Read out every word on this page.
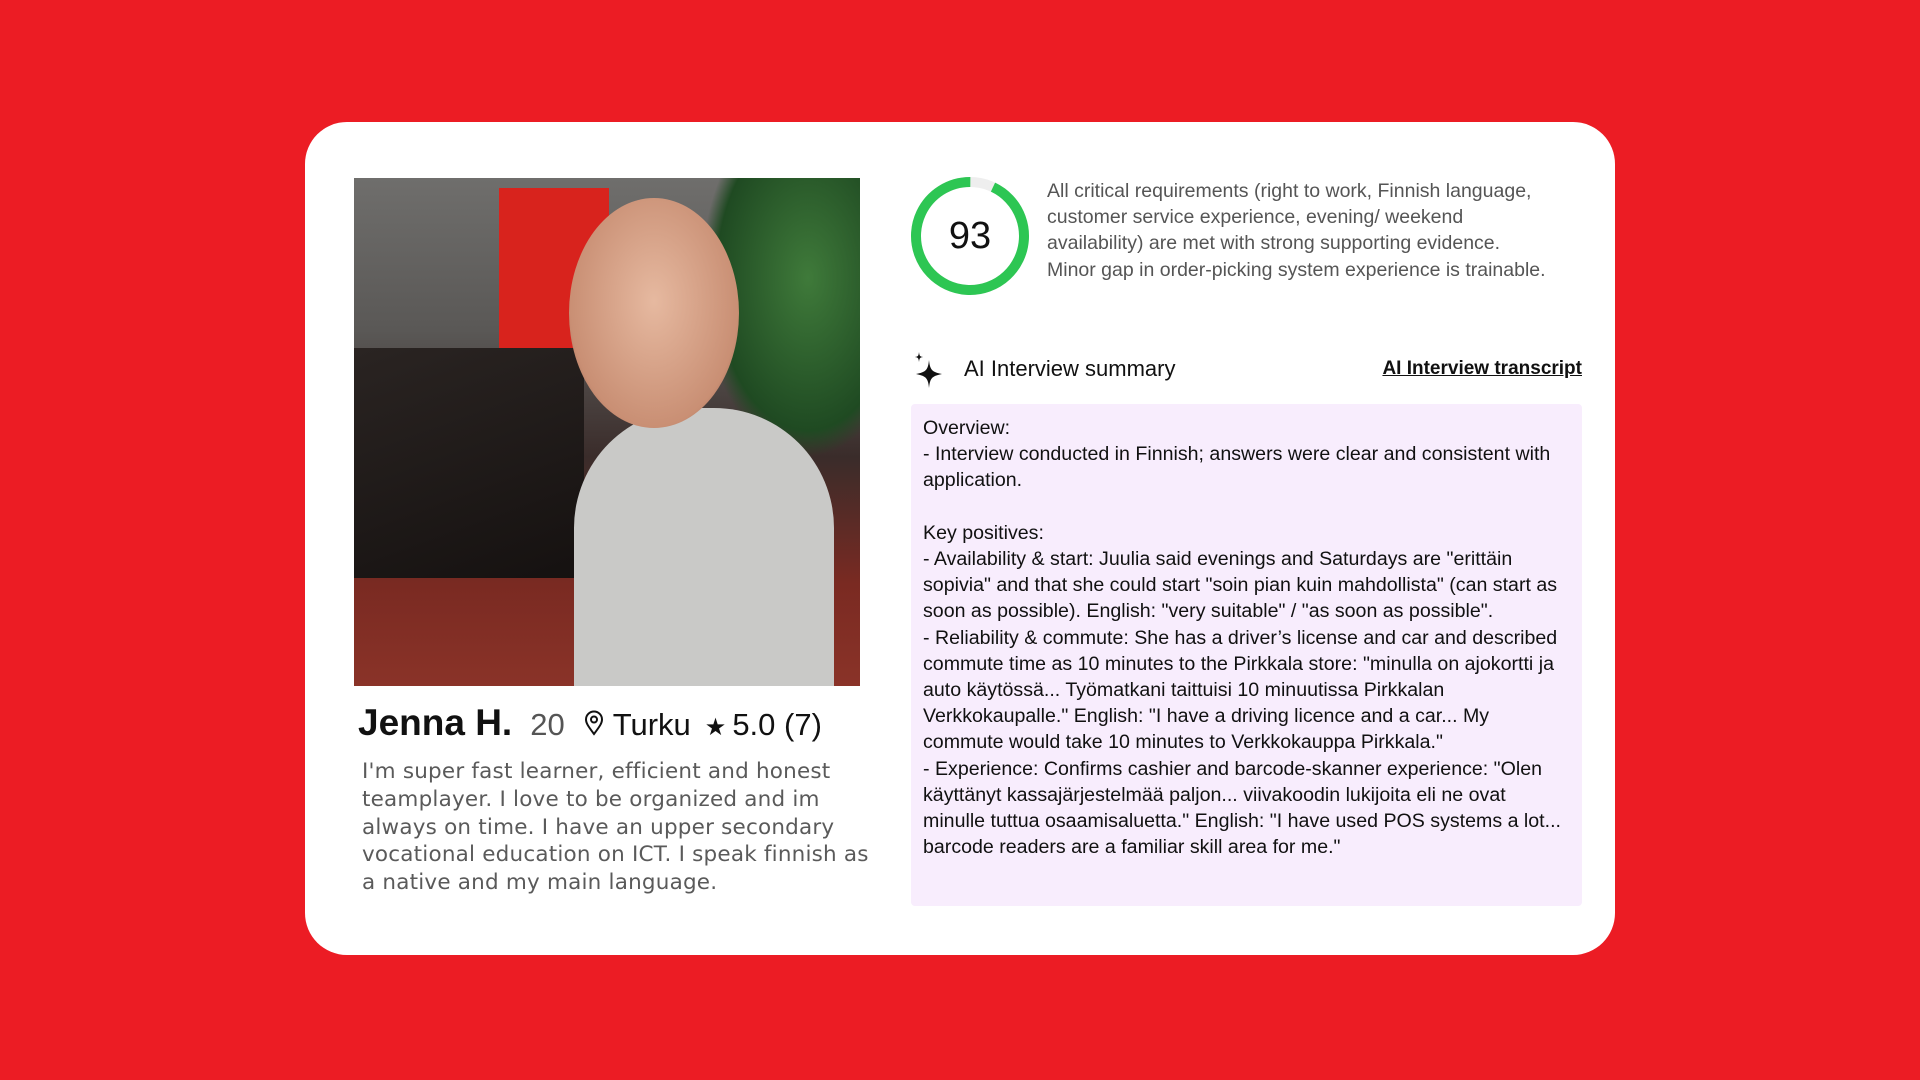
Jenna H. 20 Turku ★ 5.0 (7)
I'm super fast learner, efficient and honest teamplayer. I love to be organized and im always on time. I have an upper secondary vocational education on ICT. I speak finnish as a native and my main language.
93
All critical requirements (right to work, Finnish language, customer service experience, evening/ weekend availability) are met with strong supporting evidence. Minor gap in order-picking system experience is trainable.
AI Interview summary	AI Interview transcript
Overview:
- Interview conducted in Finnish; answers were clear and consistent with application.

Key positives:
- Availability & start: Juulia said evenings and Saturdays are "erittäin sopivia" and that she could start "soin pian kuin mahdollista" (can start as soon as possible). English: "very suitable" / "as soon as possible".
- Reliability & commute: She has a driver’s license and car and described commute time as 10 minutes to the Pirkkala store: "minulla on ajokortti ja auto käytössä... Työmatkani taittuisi 10 minuutissa Pirkkalan Verkkokaupalle." English: "I have a driving licence and a car... My commute would take 10 minutes to Verkkokauppa Pirkkala."
- Experience: Confirms cashier and barcode-skanner experience: "Olen käyttänyt kassajärjestelmää paljon... viivakoodin lukijoita eli ne ovat minulle tuttua osaamisaluetta." English: "I have used POS systems a lot... barcode readers are a familiar skill area for me."
